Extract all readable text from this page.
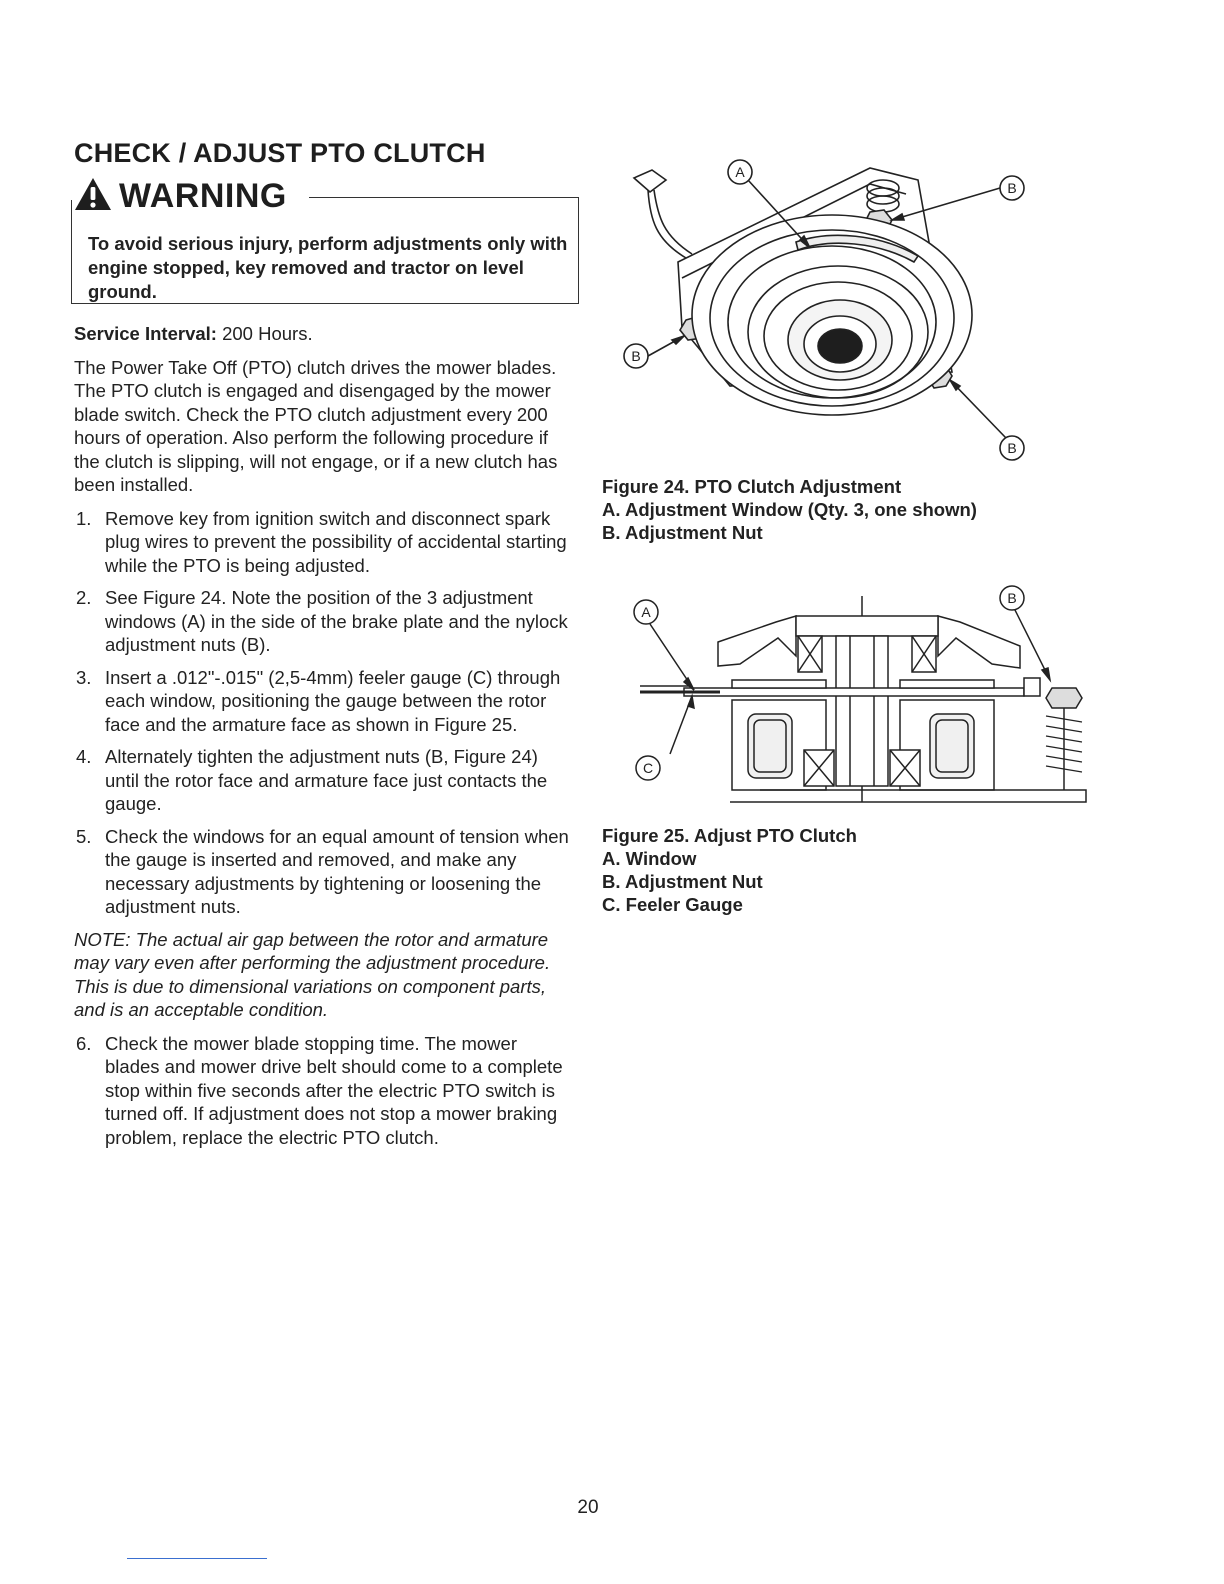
CHECK / ADJUST PTO CLUTCH
WARNING

To avoid serious injury, perform adjustments only with engine stopped, key removed and tractor on level ground.

Service Interval: 200 Hours.

The Power Take Off (PTO) clutch drives the mower blades. The PTO clutch is engaged and disengaged by the mower blade switch. Check the PTO clutch adjustment every 200 hours of operation. Also perform the following procedure if the clutch is slipping, will not engage, or if a new clutch has been installed.

1. Remove key from ignition switch and disconnect spark plug wires to prevent the possibility of accidental starting while the PTO is being adjusted.
2. See Figure 24. Note the position of the 3 adjustment windows (A) in the side of the brake plate and the nylock adjustment nuts (B).
3. Insert a .012"-.015" (2,5-4mm) feeler gauge (C) through each window, positioning the gauge between the rotor face and the armature face as shown in Figure 25.
4. Alternately tighten the adjustment nuts (B, Figure 24) until the rotor face and armature face just contacts the gauge.
5. Check the windows for an equal amount of tension when the gauge is inserted and removed, and make any necessary adjustments by tightening or loosening the adjustment nuts.

NOTE: The actual air gap between the rotor and armature may vary even after performing the adjustment procedure. This is due to dimensional variations on component parts, and is an acceptable condition.

6. Check the mower blade stopping time. The mower blades and mower drive belt should come to a complete stop within five seconds after the electric PTO switch is turned off. If adjustment does not stop a mower braking problem, replace the electric PTO clutch.
A
B
B
B
Figure 24. PTO Clutch Adjustment
A. Adjustment Window (Qty. 3, one shown)
B. Adjustment Nut
A
B
C
Figure 25. Adjust PTO Clutch
A. Window
B. Adjustment Nut
C. Feeler Gauge
20
